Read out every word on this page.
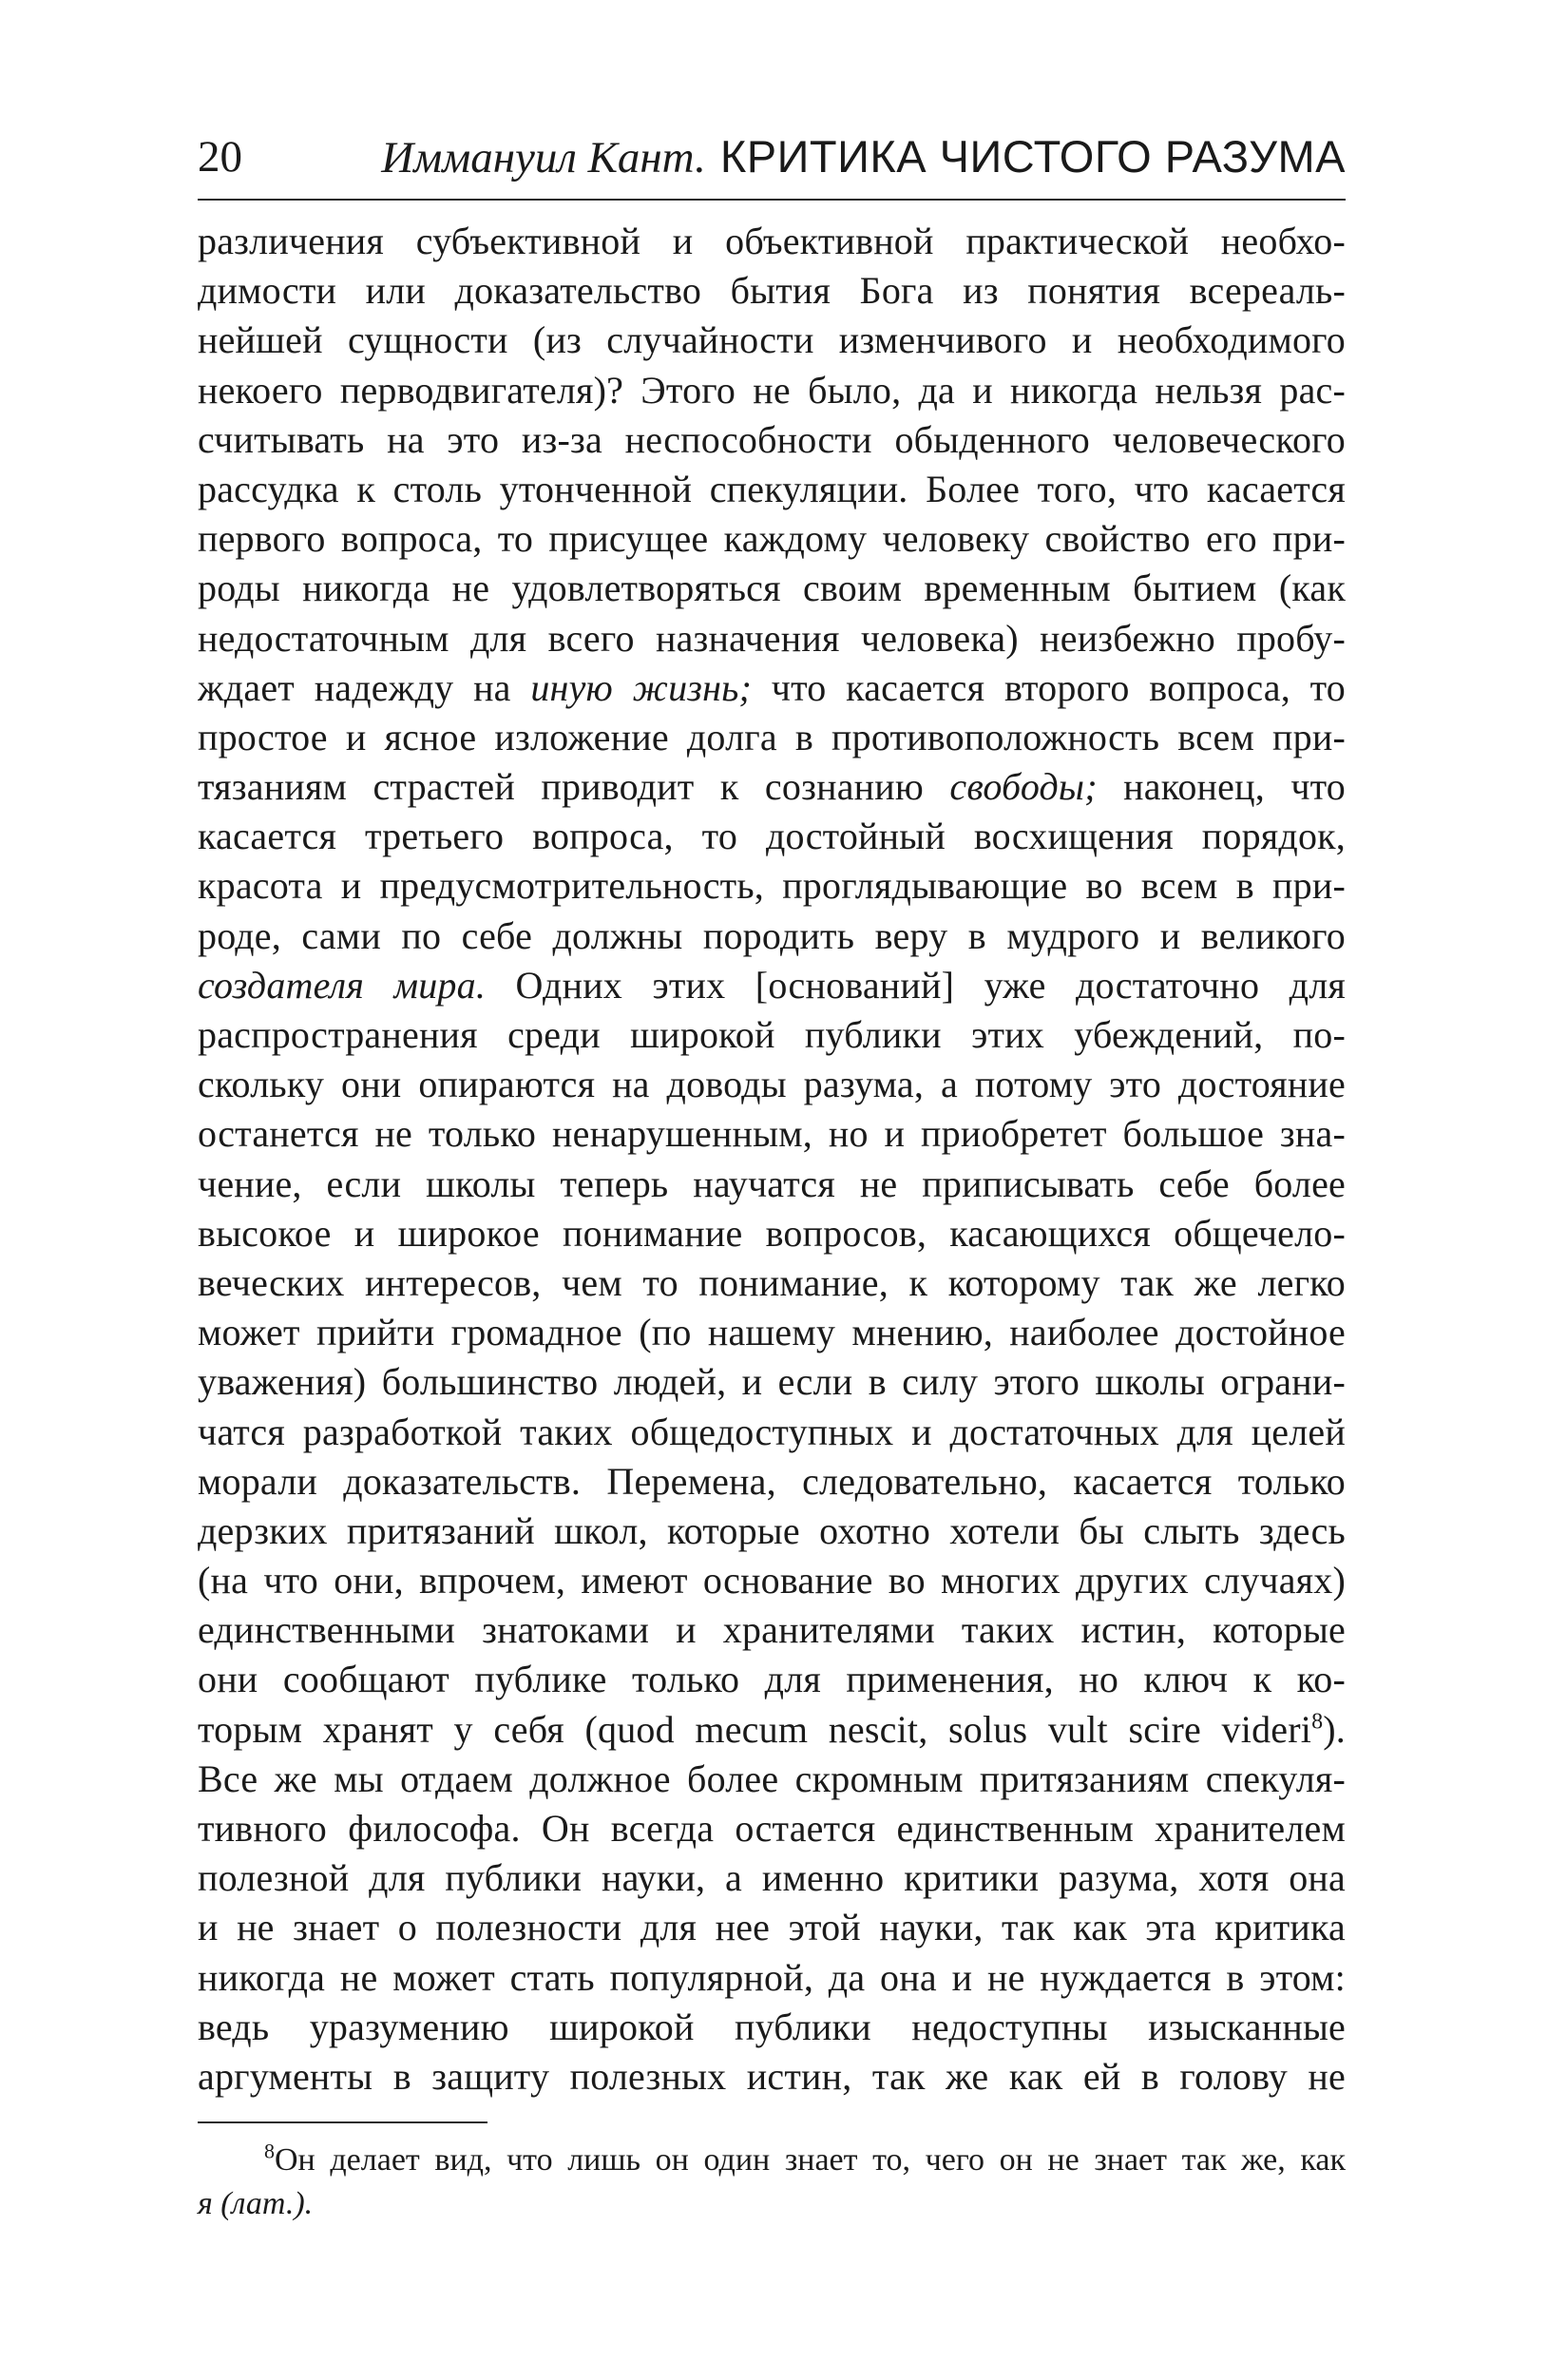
20	Иммануил Кант. КРИТИКА ЧИСТОГО РАЗУМА
различения субъективной и объективной практической необхо-
димости или доказательство бытия Бога из понятия всереаль-
нейшей сущности (из случайности изменчивого и необходимого
некоего перводвигателя)? Этого не было, да и никогда нельзя рас-
считывать на это из-за неспособности обыденного человеческого
рассудка к столь утонченной спекуляции. Более того, что касается
первого вопроса, то присущее каждому человеку свойство его при-
роды никогда не удовлетворяться своим временным бытием (как
недостаточным для всего назначения человека) неизбежно пробу-
ждает надежду на иную жизнь; что касается второго вопроса, то
простое и ясное изложение долга в противоположность всем при-
тязаниям страстей приводит к сознанию свободы; наконец, что
касается третьего вопроса, то достойный восхищения порядок,
красота и предусмотрительность, проглядывающие во всем в при-
роде, сами по себе должны породить веру в мудрого и великого
создателя мира. Одних этих [оснований] уже достаточно для
распространения среди широкой публики этих убеждений, по-
скольку они опираются на доводы разума, а потому это достояние
останется не только ненарушенным, но и приобретет большое зна-
чение, если школы теперь научатся не приписывать себе более
высокое и широкое понимание вопросов, касающихся общечело-
веческих интересов, чем то понимание, к которому так же легко
может прийти громадное (по нашему мнению, наиболее достойное
уважения) большинство людей, и если в силу этого школы ограни-
чатся разработкой таких общедоступных и достаточных для целей
морали доказательств. Перемена, следовательно, касается только
дерзких притязаний школ, которые охотно хотели бы слыть здесь
(на что они, впрочем, имеют основание во многих других случаях)
единственными знатоками и хранителями таких истин, которые
они сообщают публике только для применения, но ключ к ко-
торым хранят у себя (quod mecum nescit, solus vult scire videri$^8$).
Все же мы отдаем должное более скромным притязаниям спекуля-
тивного философа. Он всегда остается единственным хранителем
полезной для публики науки, а именно критики разума, хотя она
и не знает о полезности для нее этой науки, так как эта критика
никогда не может стать популярной, да она и не нуждается в этом:
ведь уразумению широкой публики недоступны изысканные
аргументы в защиту полезных истин, так же как ей в голову не
$^8$Он делает вид, что лишь он один знает то, чего он не знает так же, как
я (лат.).
